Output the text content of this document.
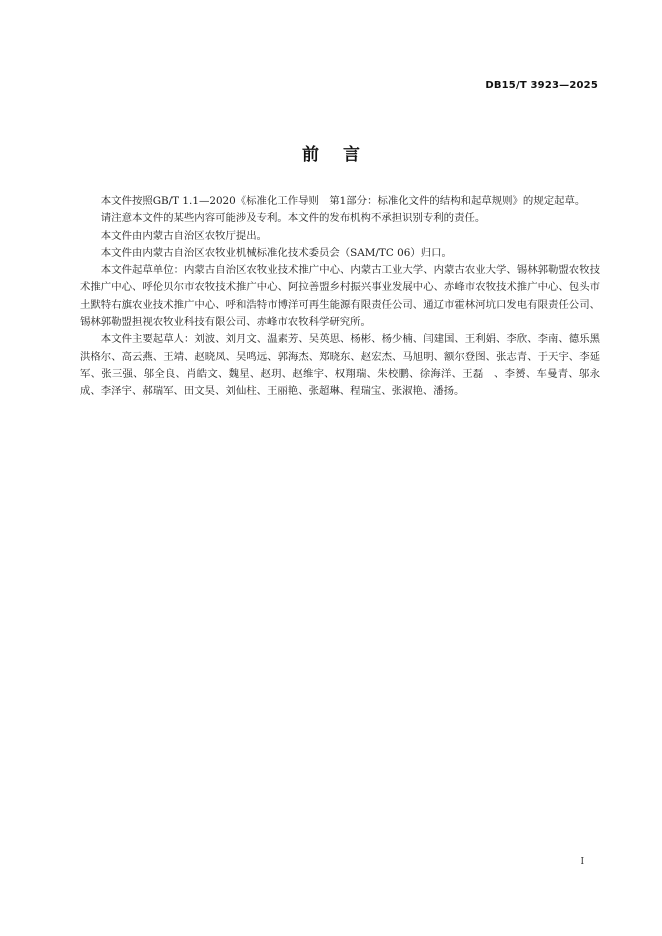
DB15/T 3923—2025
前言

本文件按照GB/T 1.1—2020《标准化工作导则　第1部分：标准化文件的结构和起草规则》的规定起草。

请注意本文件的某些内容可能涉及专利。本文件的发布机构不承担识别专利的责任。

本文件由内蒙古自治区农牧厅提出。

本文件由内蒙古自治区农牧业机械标准化技术委员会（SAM/TC 06）归口。

本文件起草单位：内蒙古自治区农牧业技术推广中心、内蒙古工业大学、内蒙古农业大学、锡林郭勒盟农牧技术推广中心、呼伦贝尔市农牧技术推广中心、阿拉善盟乡村振兴事业发展中心、赤峰市农牧技术推广中心、包头市土默特右旗农业技术推广中心、呼和浩特市博洋可再生能源有限责任公司、通辽市霍林河坑口发电有限责任公司、锡林郭勒盟担视农牧业科技有限公司、赤峰市农牧科学研究所。

本文件主要起草人：刘波、刘月文、温素芳、吴英思、杨彬、杨少楠、闫建国、王利娟、李欣、李南、德乐黑洪格尔、高云燕、王靖、赵晓凤、吴鸣远、郭海杰、郑晓东、赵宏杰、马旭明、额尔登图、张志青、于天宇、李延军、张三强、邬全良、肖皓文、魏星、赵玥、赵维宇、权翔瑞、朱校鹏、徐海洋、王磊　、李赟、车曼青、邬永成、李泽宇、郝瑞军、田文昊、刘仙柱、王丽艳、张超琳、程瑞宝、张淑艳、潘扬。

I
